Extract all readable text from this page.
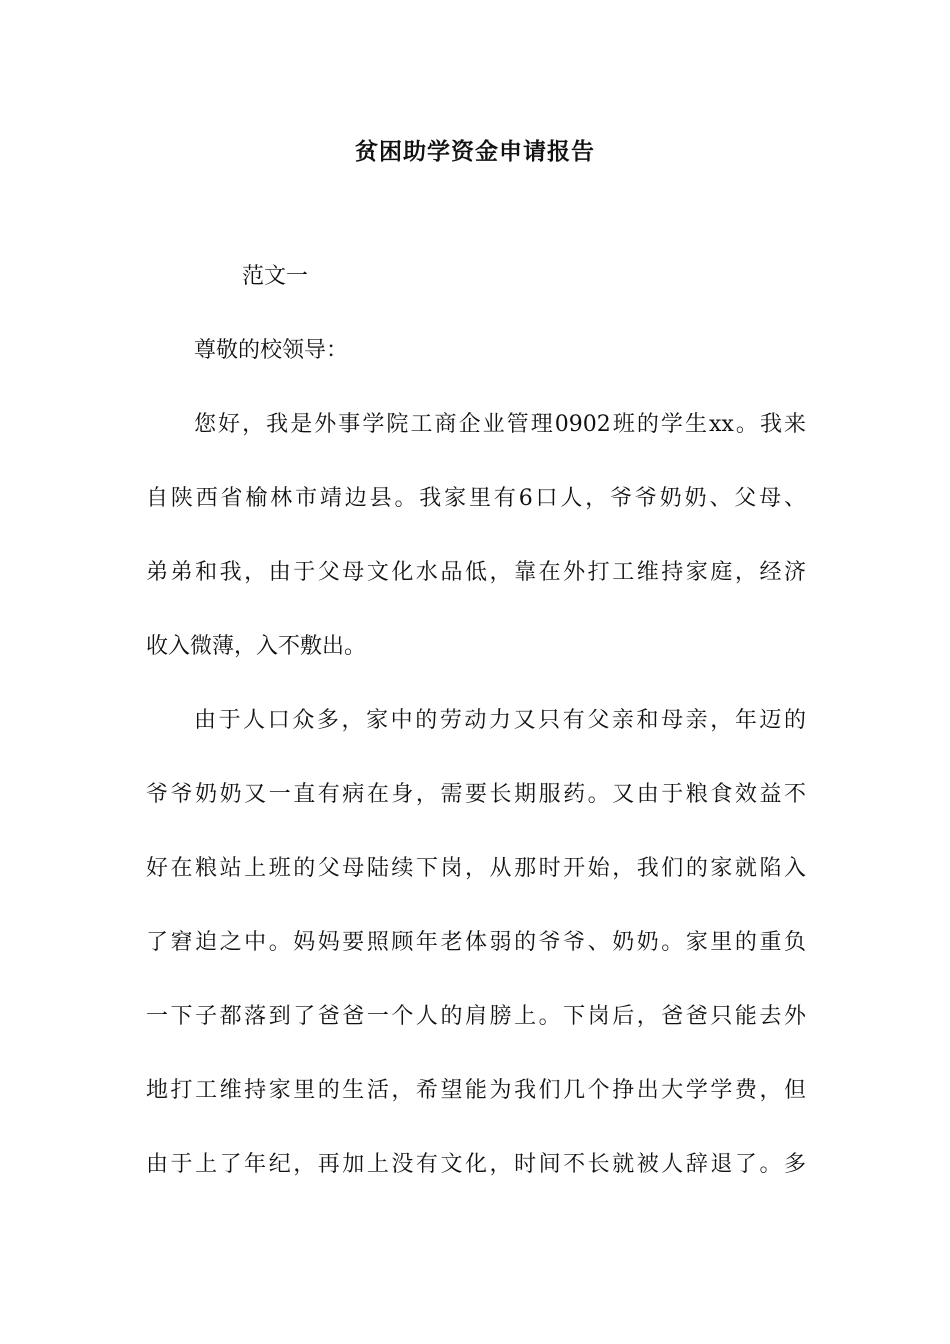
贫困助学资金申请报告
范文一
尊敬的校领导：
您好，我是外事学院工商企业管理0902班的学生xx。我来
自陕西省榆林市靖边县。我家里有6口人，爷爷奶奶、父母、
弟弟和我，由于父母文化水品低，靠在外打工维持家庭，经济
收入微薄，入不敷出。
由于人口众多，家中的劳动力又只有父亲和母亲，年迈的
爷爷奶奶又一直有病在身，需要长期服药。又由于粮食效益不
好在粮站上班的父母陆续下岗，从那时开始，我们的家就陷入
了窘迫之中。妈妈要照顾年老体弱的爷爷、奶奶。家里的重负
一下子都落到了爸爸一个人的肩膀上。下岗后，爸爸只能去外
地打工维持家里的生活，希望能为我们几个挣出大学学费，但
由于上了年纪，再加上没有文化，时间不长就被人辞退了。多
